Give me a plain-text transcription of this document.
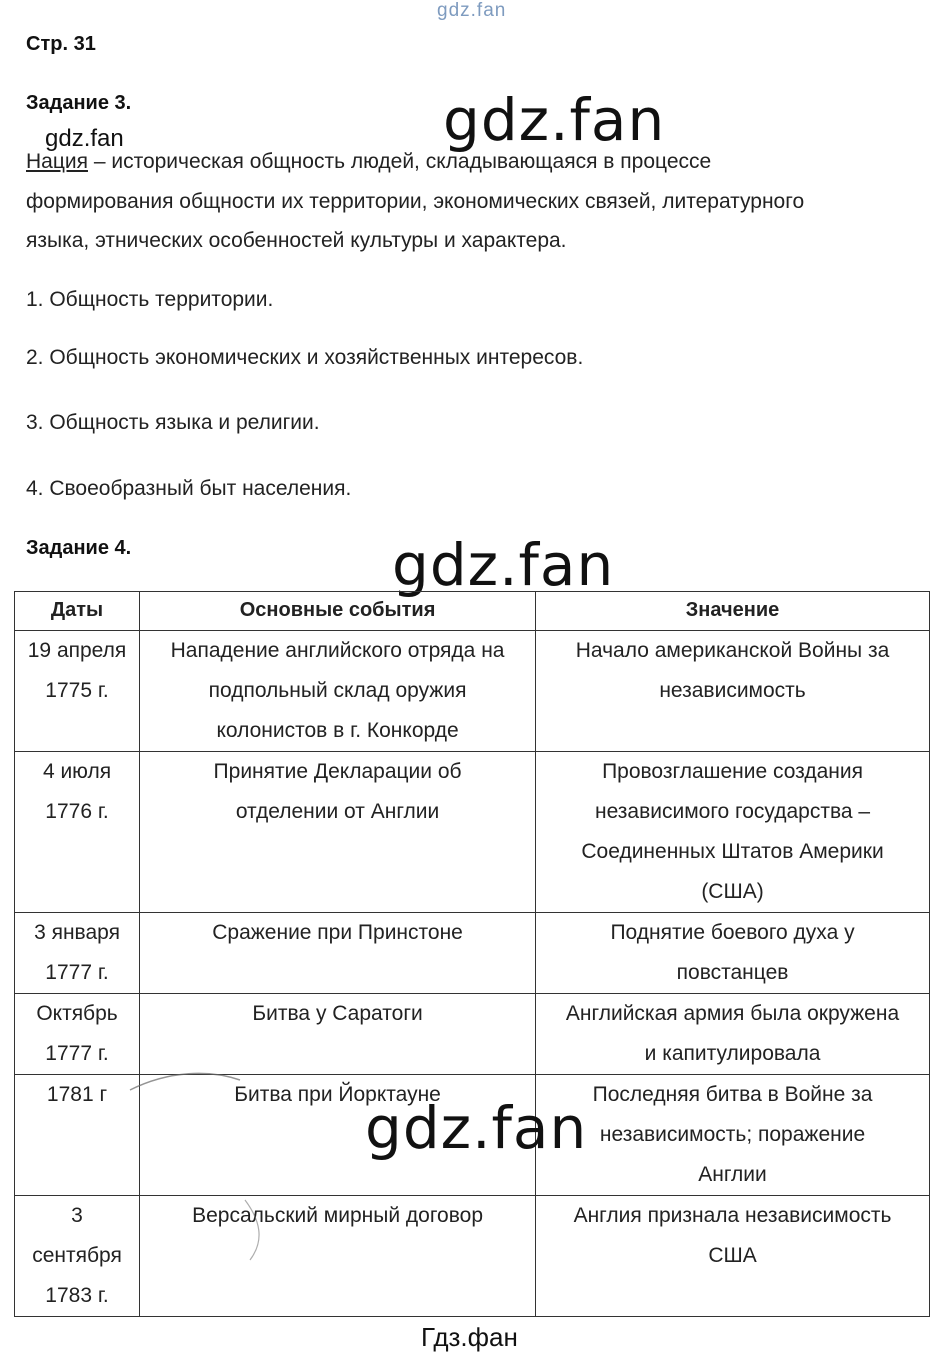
gdz.fan
Стр. 31
Задание 3.	gdz.fan
gdz.fan
Нация – историческая общность людей, складывающаяся в процессе
формирования общности их территории, экономических связей, литературного
языка, этнических особенностей культуры и характера.
1. Общность территории.
2. Общность экономических и хозяйственных интересов.
3. Общность языка и религии.
4. Своеобразный быт населения.
Задание 4.	gdz.fan
Даты	Основные события	Значение

19 апреля
1775 г.	Нападение английского отряда на
подпольный склад оружия
колонистов в г. Конкорде	Начало американской Войны за
независимость

4 июля
1776 г.	Принятие Декларации об
отделении от Англии	Провозглашение создания
независимого государства –
Соединенных Штатов Америки
(США)

3 января
1777 г.	Сражение при Принстоне	Поднятие боевого духа у
повстанцев

Октябрь
1777 г.	Битва у Саратоги	Английская армия была окружена
и капитулировала

1781 г	Битва при Йорктауне	Последняя битва в Войне за
независимость; поражение
Англии

3
сентября
1783 г.	Версальский мирный договор	Англия признала независимость
США
gdz.fan
Гдз.фан
